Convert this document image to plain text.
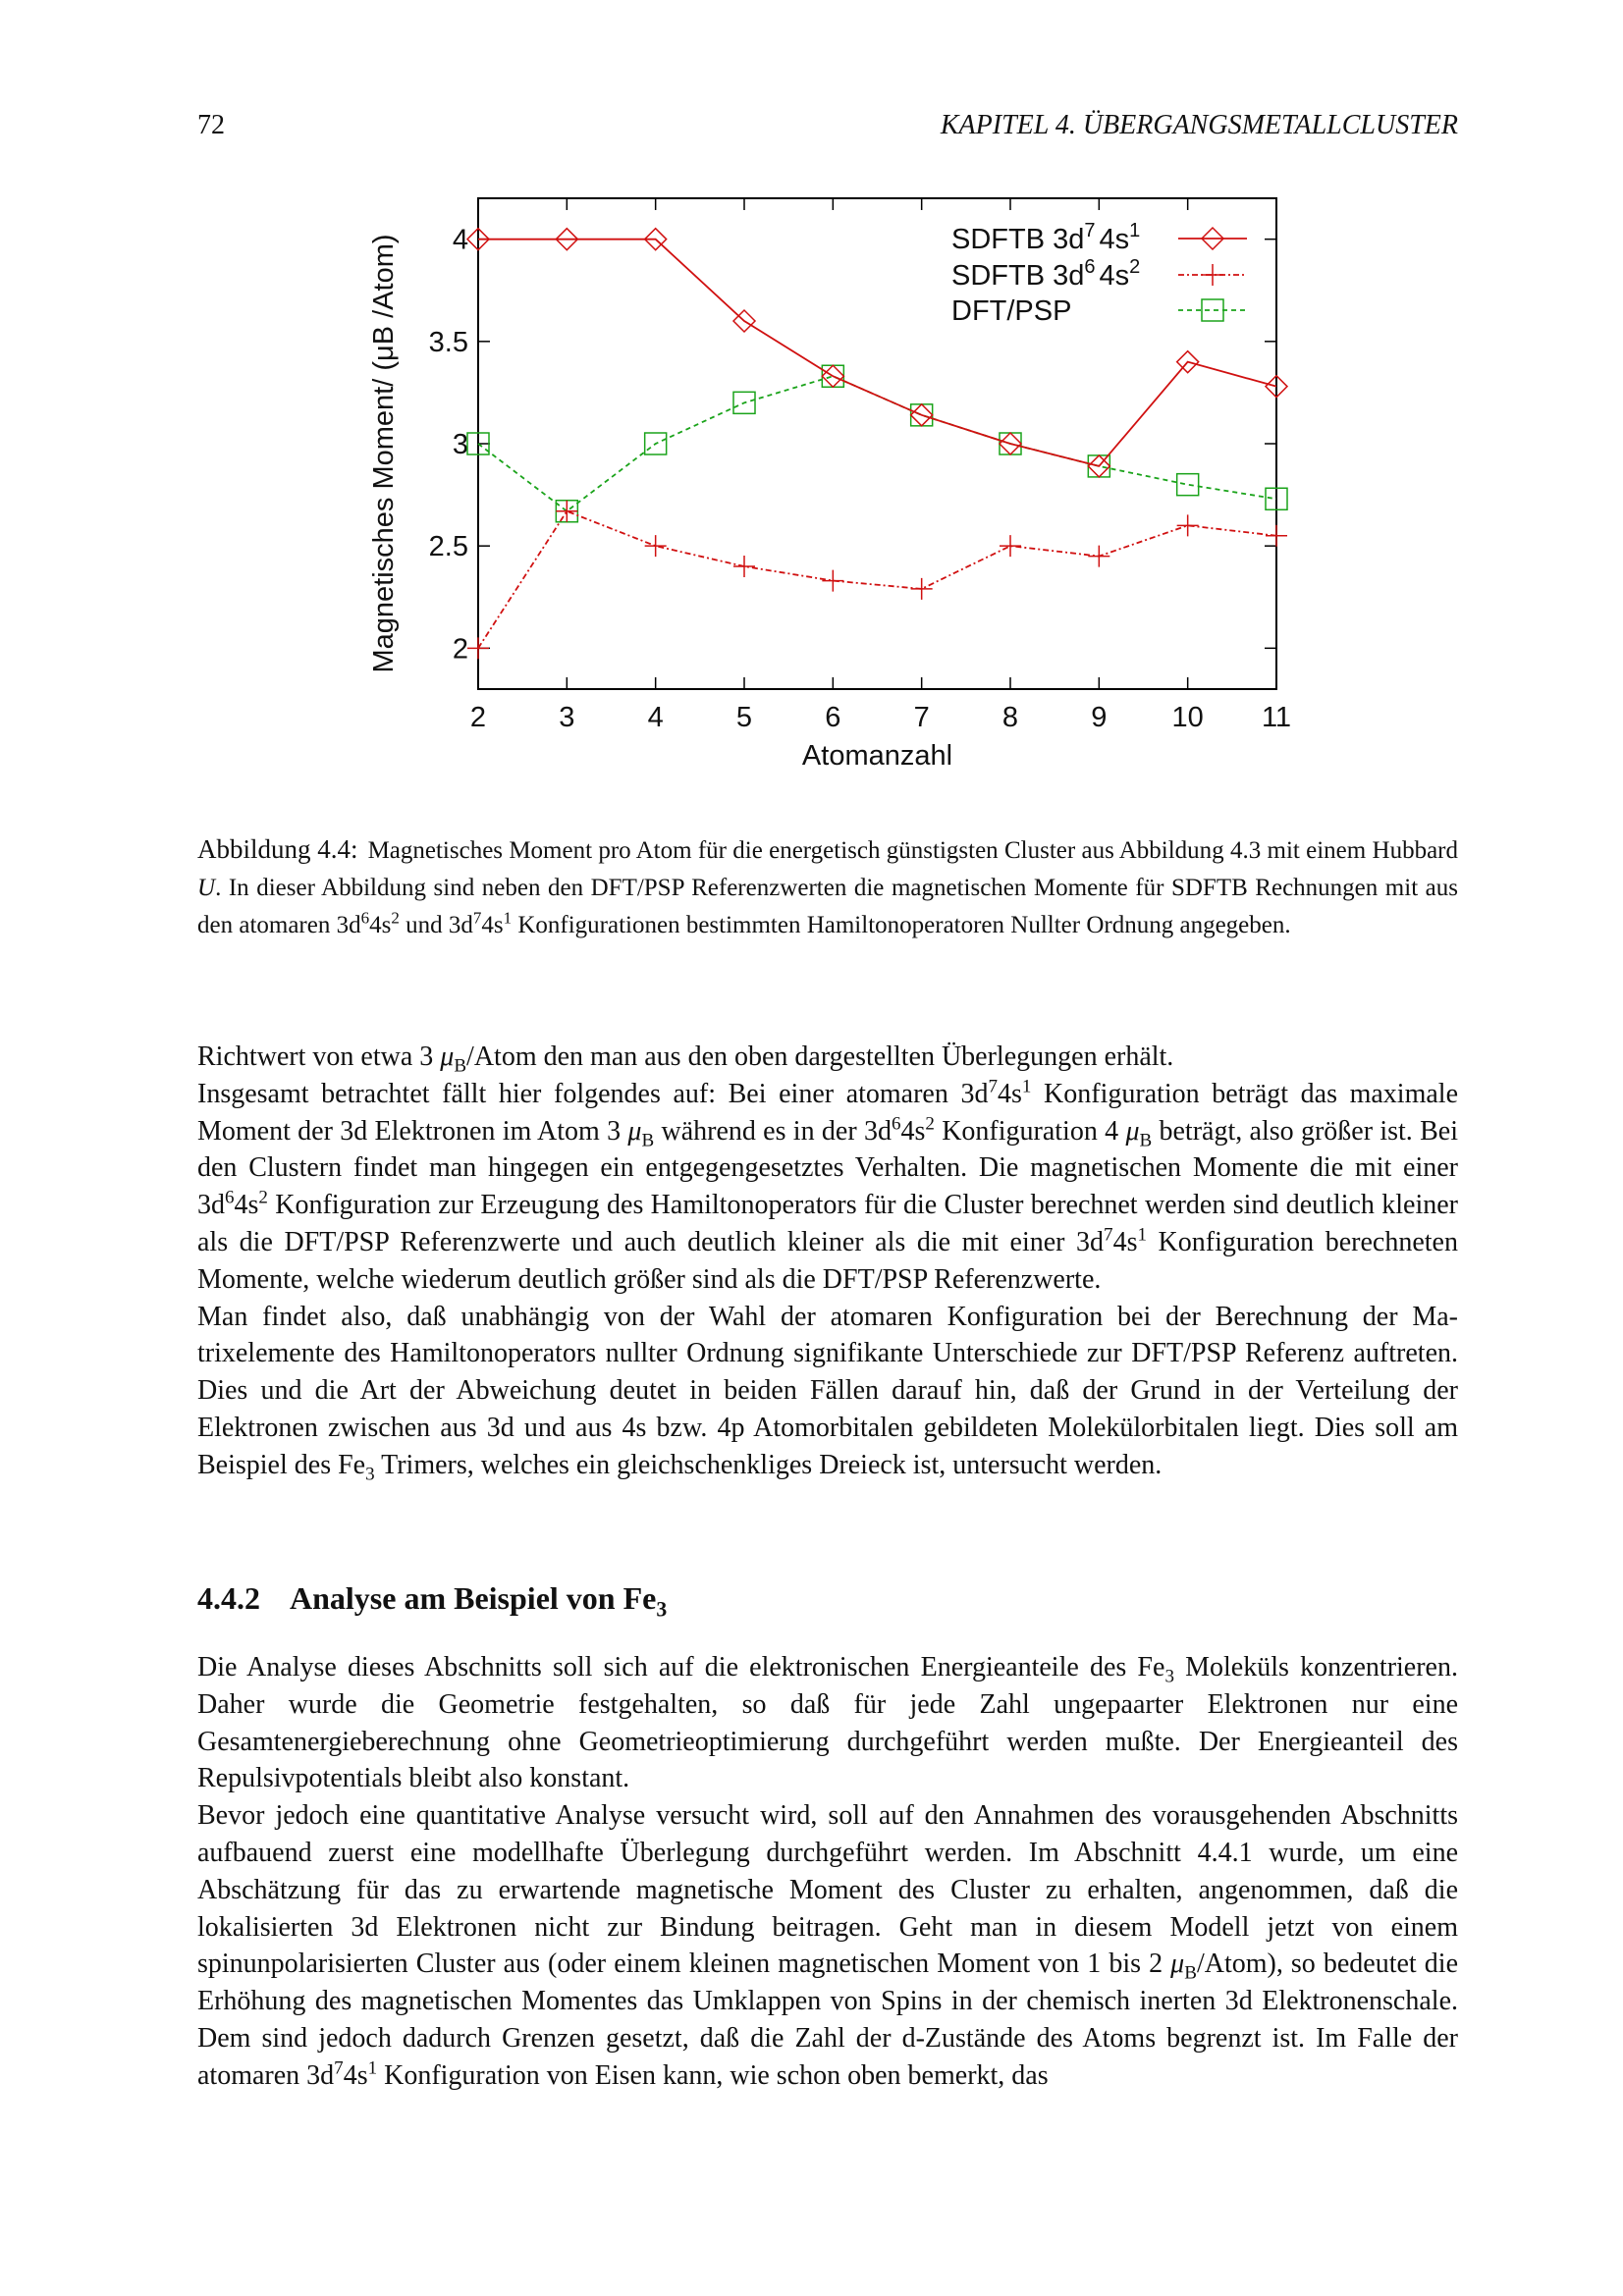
72	KAPITEL 4. ÜBERGANGSMETALLCLUSTER
2	3	4	5	6	7	8	9 10 11
2
2.5
3
3.5
4
Atomanzahl
Magnetisches Moment/ (μB /Atom)	SDFTB $3d^7$ $4s^1$
SDFTB $3d^6$ $4s^2$
DFT/PSP
Abbildung 4.4: Magnetisches Moment pro Atom für die energetisch günstigsten Cluster aus Abbildung 4.3 mit einem Hubbard U. In dieser Abbildung sind neben den DFT/PSP Referenzwerten die magnetischen Momente für SDFTB Rechnungen mit aus den atomaren $3d^64s^2$ und $3d^74s^1$ Konfigurationen bestimmten Hamiltonoperatoren Nullter Ordnung angegeben.

Richtwert von etwa 3 $\mu_B$/Atom den man aus den oben dargestellten Überlegungen erhält.

Insgesamt betrachtet fällt hier folgendes auf: Bei einer atomaren $3d^74s^1$ Konfiguration beträgt das maximale Moment der 3d Elektronen im Atom 3 $\mu_B$ während es in der $3d^64s^2$ Konfiguration 4 $\mu_B$ beträgt, also größer ist. Bei den Clustern findet man hingegen ein entgegengesetztes Verhalten. Die magnetischen Momente die mit einer $3d^64s^2$ Konfiguration zur Erzeugung des Hamiltonoperators für die Cluster berechnet werden sind deutlich kleiner als die DFT/PSP Referenzwerte und auch deutlich kleiner als die mit einer $3d^74s^1$ Konfiguration berechneten Momente, welche wiederum deutlich größer sind als die DFT/PSP Referenzwerte.

Man findet also, daß unabhängig von der Wahl der atomaren Konfiguration bei der Berechnung der Matrixelemente des Hamiltonoperators nullter Ordnung signifikante Unterschiede zur DFT/PSP Referenz auftreten. Dies und die Art der Abweichung deutet in beiden Fällen darauf hin, daß der Grund in der Verteilung der Elektronen zwischen aus 3d und aus 4s bzw. 4p Atomorbitalen gebildeten Molekülorbitalen liegt. Dies soll am Beispiel des $Fe_3$ Trimers, welches ein gleichschenkliges Dreieck ist, untersucht werden.

4.4.2 Analyse am Beispiel von $Fe_3$

Die Analyse dieses Abschnitts soll sich auf die elektronischen Energieanteile des $Fe_3$ Moleküls konzentrieren. Daher wurde die Geometrie festgehalten, so daß für jede Zahl ungepaarter Elektronen nur eine Gesamtenergieberechnung ohne Geometrieoptimierung durchgeführt werden mußte. Der Energieanteil des Repulsivpotentials bleibt also konstant.

Bevor jedoch eine quantitative Analyse versucht wird, soll auf den Annahmen des vorausgehenden Abschnitts aufbauend zuerst eine modellhafte Überlegung durchgeführt werden. Im Abschnitt 4.4.1 wurde, um eine Abschätzung für das zu erwartende magnetische Moment des Cluster zu erhalten, angenommen, daß die lokalisierten 3d Elektronen nicht zur Bindung beitragen. Geht man in diesem Modell jetzt von einem spinunpolarisierten Cluster aus (oder einem kleinen magnetischen Moment von 1 bis 2 $\mu_B/Atom$), so bedeutet die Erhöhung des magnetischen Momentes das Umklappen von Spins in der chemisch inerten 3d Elektronenschale. Dem sind jedoch dadurch Grenzen gesetzt, daß die Zahl der d-Zustände des Atoms begrenzt ist. Im Falle der atomaren $3d^74s^1$ Konfiguration von Eisen kann, wie schon oben bemerkt, das
